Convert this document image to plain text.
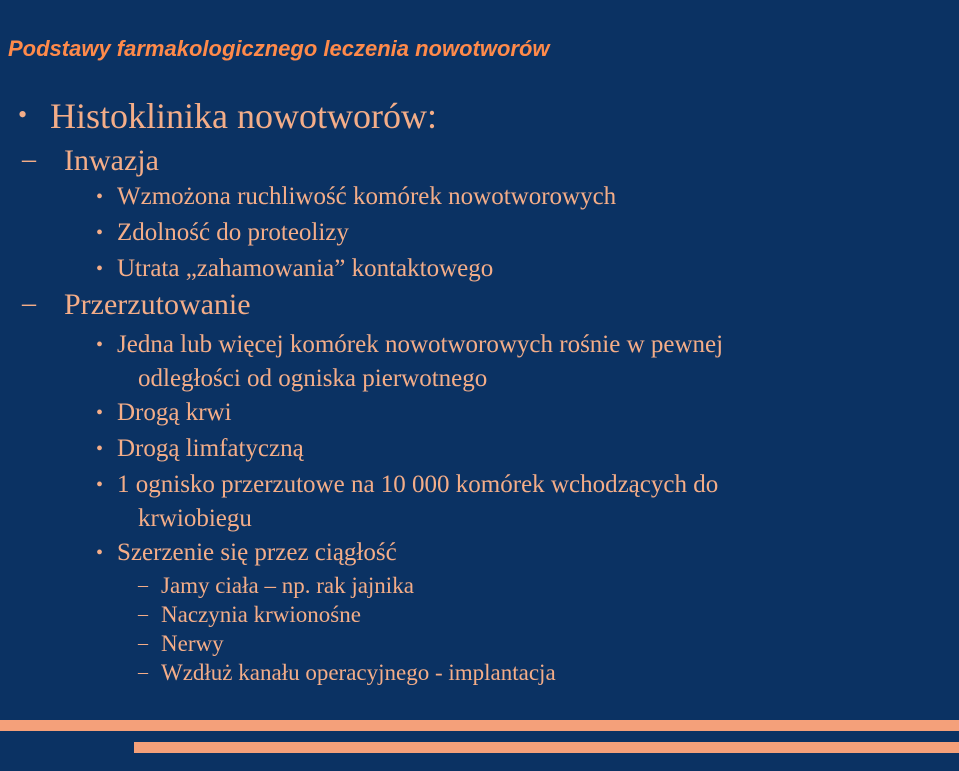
Podstawy farmakologicznego leczenia nowotworów
• Histoklinika nowotworów:
– Inwazja
• Wzmożona ruchliwość komórek nowotworowych
• Zdolność do proteolizy
• Utrata „zahamowania” kontaktowego
– Przerzutowanie
• Jedna lub więcej komórek nowotworowych rośnie w pewnej
odległości od ogniska pierwotnego
• Drogą krwi
• Drogą limfatyczną
• 1 ognisko przerzutowe na 10 000 komórek wchodzących do
krwiobiegu
• Szerzenie się przez ciągłość
– Jamy ciała – np. rak jajnika
– Naczynia krwionośne
– Nerwy
– Wzdłuż kanału operacyjnego - implantacja
